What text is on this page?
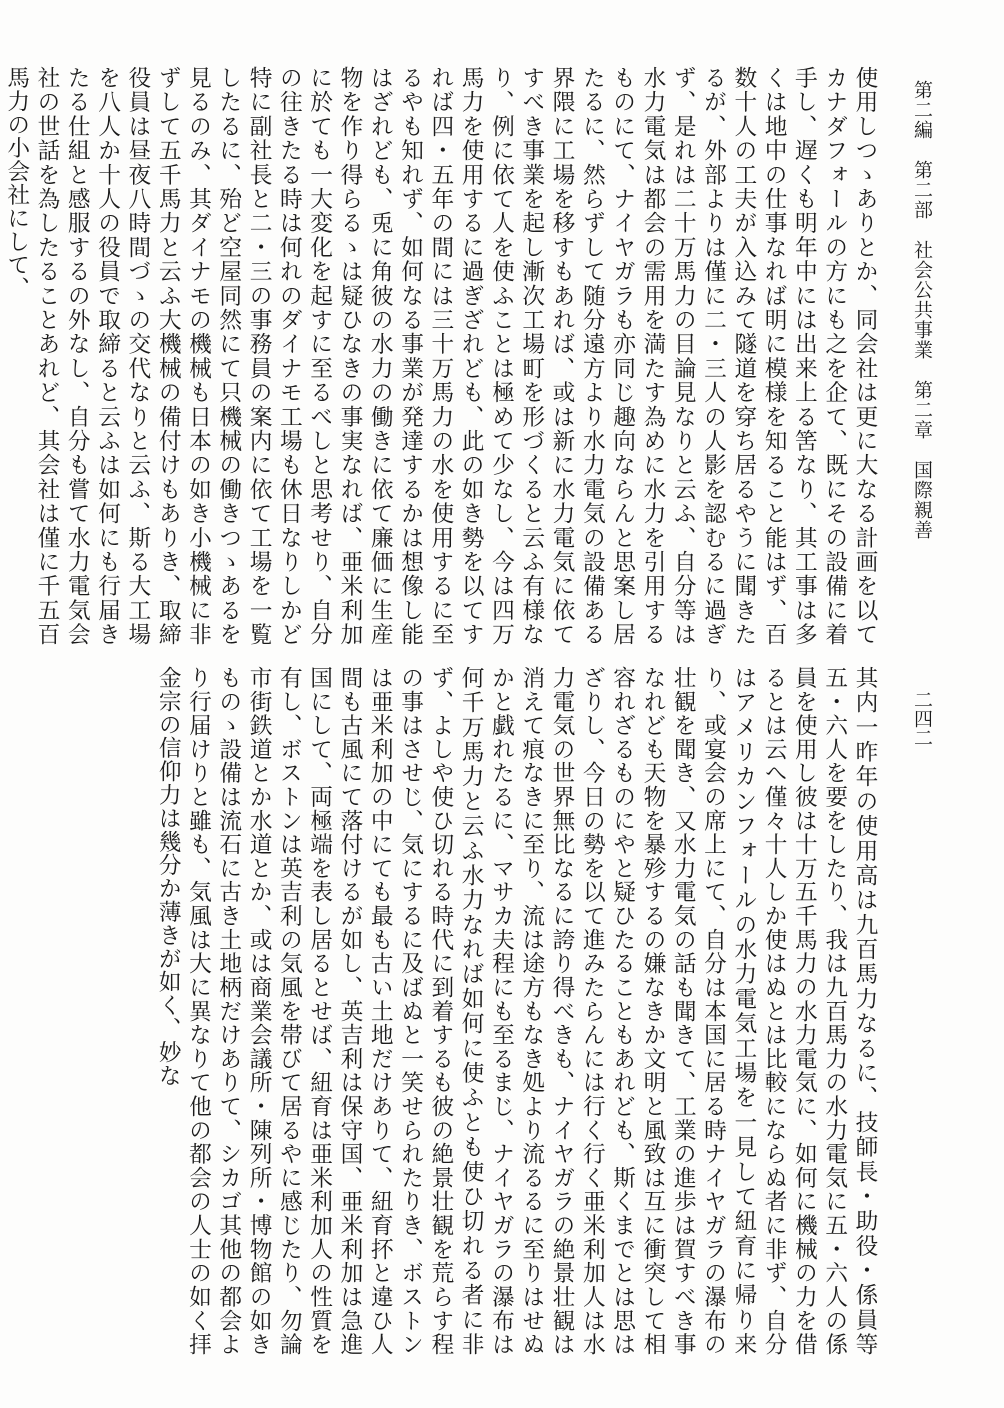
第二編　第二部　社会公共事業　第二章　国際親善
二四二

使用しつゝありとか、同会社は更に大なる計画を以てカナダフォールの方にも之を企て、既にその設備に着手し、遅くも明年中には出来上る筈なり、其工事は多くは地中の仕事なれば明に模様を知ること能はず、百数十人の工夫が入込みて隧道を穿ち居るやうに聞きたるが、外部よりは僅に二・三人の人影を認むるに過ぎず、是れは二十万馬力の目論見なりと云ふ、自分等は水力電気は都会の需用を満たす為めに水力を引用するものにて、ナイヤガラも亦同じ趣向ならんと思案し居たるに、然らずして随分遠方より水力電気の設備ある界隈に工場を移すもあれば、或は新に水力電気に依てすべき事業を起し漸次工場町を形づくると云ふ有様なり、例に依て人を使ふことは極めて少なし、今は四万馬力を使用するに過ぎざれども、此の如き勢を以てすれば四・五年の間には三十万馬力の水を使用するに至るやも知れず、如何なる事業が発達するかは想像し能はざれども、兎に角彼の水力の働きに依て廉価に生産物を作り得らるゝは疑ひなきの事実なれば、亜米利加に於ても一大変化を起すに至るべしと思考せり、自分の往きたる時は何れのダイナモ工場も休日なりしかど特に副社長と二・三の事務員の案内に依て工場を一覧したるに、殆ど空屋同然にて只機械の働きつゝあるを見るのみ、其ダイナモの機械も日本の如き小機械に非ずして五千馬力と云ふ大機械の備付けもありき、取締役員は昼夜八時間づゝの交代なりと云ふ、斯る大工場を八人か十人の役員で取締ると云ふは如何にも行届きたる仕組と感服するの外なし、自分も嘗て水力電気会社の世話を為したることあれど、其会社は僅に千五百馬力の小会社にして、

其内一昨年の使用高は九百馬力なるに、技師長・助役・係員等五・六人を要をしたり、我は九百馬力の水力電気に五・六人の係員を使用し彼は十万五千馬力の水力電気に、如何に機械の力を借るとは云へ僅々十人しか使はぬとは比較にならぬ者に非ず、自分はアメリカンフォールの水力電気工場を一見して紐育に帰り来り、或宴会の席上にて、自分は本国に居る時ナイヤガラの瀑布の壮観を聞き、又水力電気の話も聞きて、工業の進歩は賀すべき事なれども天物を暴殄するの嫌なきか文明と風致は互に衝突して相容れざるものにやと疑ひたることもあれども、斯くまでとは思はざりし、今日の勢を以て進みたらんには行く行く亜米利加人は水力電気の世界無比なるに誇り得べきも、ナイヤガラの絶景壮観は消えて痕なきに至り、流は途方もなき処より流るるに至りはせぬかと戯れたるに、マサカ夫程にも至るまじ、ナイヤガラの瀑布は何千万馬力と云ふ水力なれば如何に使ふとも使ひ切れる者に非ず、よしや使ひ切れる時代に到着するも彼の絶景壮観を荒らす程の事はさせじ、気にするに及ばぬと一笑せられたりき、ボストンは亜米利加の中にても最も古い土地だけありて、紐育抔と違ひ人間も古風にて落付けるが如し、英吉利は保守国、亜米利加は急進国にして、両極端を表し居るとせば、紐育は亜米利加人の性質を有し、ボストンは英吉利の気風を帯びて居るやに感じたり、勿論市街鉄道とか水道とか、或は商業会議所・陳列所・博物館の如きものゝ設備は流石に古き土地柄だけありて、シカゴ其他の都会より行届けりと雖も、気風は大に異なりて他の都会の人士の如く拝金宗の信仰力は幾分か薄きが如く、妙な
